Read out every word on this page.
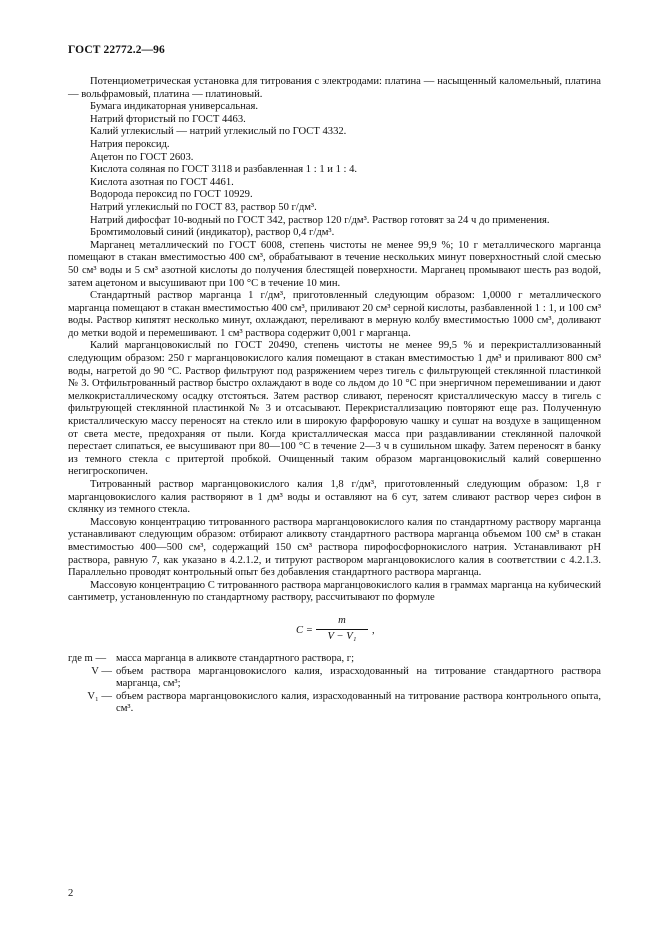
ГОСТ 22772.2—96

Потенциометрическая установка для титрования с электродами: платина — насыщенный каломельный, платина — вольфрамовый, платина — платиновый.

Бумага индикаторная универсальная.

Натрий фтористый по ГОСТ 4463.

Калий углекислый — натрий углекислый по ГОСТ 4332.

Натрия пероксид.

Ацетон по ГОСТ 2603.

Кислота соляная по ГОСТ 3118 и разбавленная 1 : 1 и 1 : 4.

Кислота азотная по ГОСТ 4461.

Водорода пероксид по ГОСТ 10929.

Натрий углекислый по ГОСТ 83, раствор 50 г/дм³.

Натрий дифосфат 10-водный по ГОСТ 342, раствор 120 г/дм³. Раствор готовят за 24 ч до применения.

Бромтимоловый синий (индикатор), раствор 0,4 г/дм³.

Марганец металлический по ГОСТ 6008, степень чистоты не менее 99,9 %; 10 г металлического марганца помещают в стакан вместимостью 400 см³, обрабатывают в течение нескольких минут поверхностный слой смесью 50 см³ воды и 5 см³ азотной кислоты до получения блестящей поверхности. Марганец промывают шесть раз водой, затем ацетоном и высушивают при 100 °С в течение 10 мин.

Стандартный раствор марганца 1 г/дм³, приготовленный следующим образом: 1,0000 г металлического марганца помещают в стакан вместимостью 400 см³, приливают 20 см³ серной кислоты, разбавленной 1 : 1, и 100 см³ воды. Раствор кипятят несколько минут, охлаждают, переливают в мерную колбу вместимостью 1000 см³, доливают до метки водой и перемешивают. 1 см³ раствора содержит 0,001 г марганца.

Калий марганцовокислый по ГОСТ 20490, степень чистоты не менее 99,5 % и перекристаллизованный следующим образом: 250 г марганцовокислого калия помещают в стакан вместимостью 1 дм³ и приливают 800 см³ воды, нагретой до 90 °С. Раствор фильтруют под разряжением через тигель с фильтрующей стеклянной пластинкой № 3. Отфильтрованный раствор быстро охлаждают в воде со льдом до 10 °С при энергичном перемешивании и дают мелкокристаллическому осадку отстояться. Затем раствор сливают, переносят кристаллическую массу в тигель с фильтрующей стеклянной пластинкой № 3 и отсасывают. Перекристаллизацию повторяют еще раз. Полученную кристаллическую массу переносят на стекло или в широкую фарфоровую чашку и сушат на воздухе в защищенном от света месте, предохраняя от пыли. Когда кристаллическая масса при раздавливании стеклянной палочкой перестает слипаться, ее высушивают при 80—100 °С в течение 2—3 ч в сушильном шкафу. Затем переносят в банку из темного стекла с притертой пробкой. Очищенный таким образом марганцовокислый калий совершенно негигроскопичен.

Титрованный раствор марганцовокислого калия 1,8 г/дм³, приготовленный следующим образом: 1,8 г марганцовокислого калия растворяют в 1 дм³ воды и оставляют на 6 сут, затем сливают раствор через сифон в склянку из темного стекла.

Массовую концентрацию титрованного раствора марганцовокислого калия по стандартному раствору марганца устанавливают следующим образом: отбирают аликвоту стандартного раствора марганца объемом 100 см³ в стакан вместимостью 400—500 см³, содержащий 150 см³ раствора пирофосфорнокислого натрия. Устанавливают рН раствора, равную 7, как указано в 4.2.1.2, и титруют раствором марганцовокислого калия в соответствии с 4.2.1.3. Параллельно проводят контрольный опыт без добавления стандартного раствора марганца.

Массовую концентрацию C титрованного раствора марганцовокислого калия в граммах марганца на кубический сантиметр, установленную по стандартному раствору, рассчитывают по формуле

$C = \frac{m}{\text{V − V₁}}$ ,
где m — масса марганца в аликвоте стандартного раствора, г;
V — объем раствора марганцовокислого калия, израсходованный на титрование стандартного раствора марганца, см³;
V₁ — объем раствора марганцовокислого калия, израсходованный на титрование раствора контрольного опыта, см³.
2
